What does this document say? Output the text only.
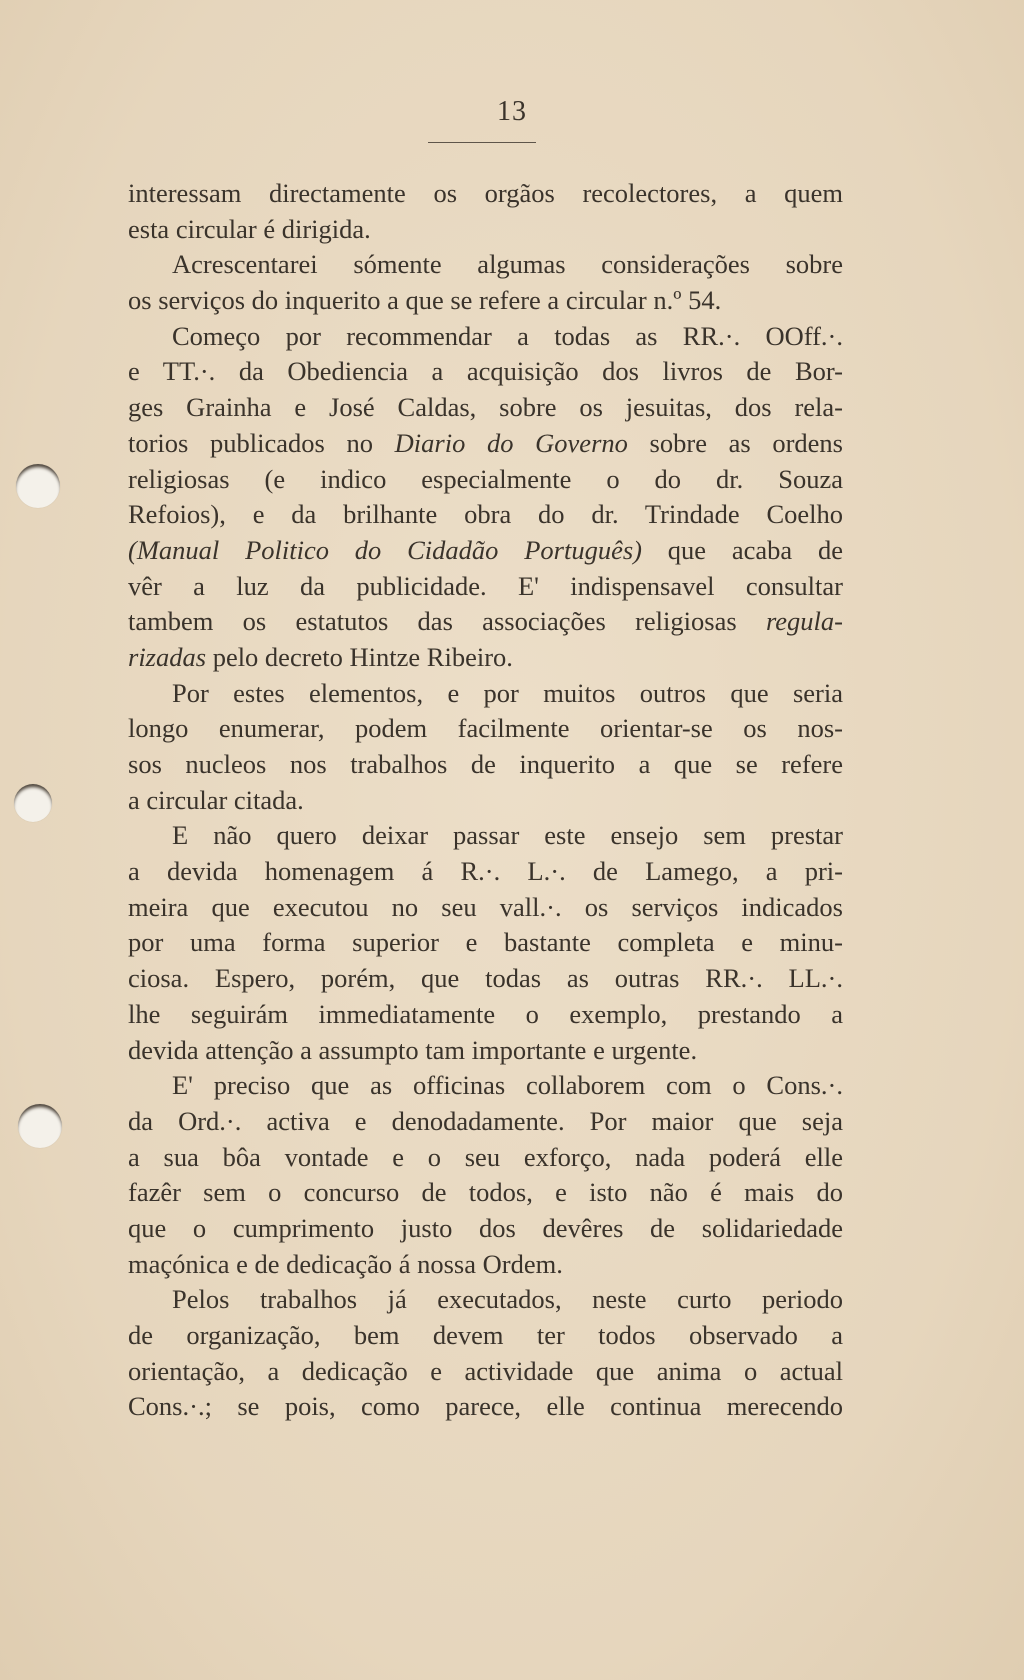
13
interessam directamente os orgãos recolectores, a quem
esta circular é dirigida.
Acrescentarei sómente algumas considerações sobre
os serviços do inquerito a que se refere a circular n.º 54.
Começo por recommendar a todas as RR.·. OOff.·.
e TT.·. da Obediencia a acquisição dos livros de Bor-
ges Grainha e José Caldas, sobre os jesuitas, dos rela-
torios publicados no Diario do Governo sobre as ordens
religiosas (e indico especialmente o do dr. Souza
Refoios), e da brilhante obra do dr. Trindade Coelho
(Manual Politico do Cidadão Português) que acaba de
vêr a luz da publicidade. E' indispensavel consultar
tambem os estatutos das associações religiosas regula-
rizadas pelo decreto Hintze Ribeiro.
Por estes elementos, e por muitos outros que seria
longo enumerar, podem facilmente orientar-se os nos-
sos nucleos nos trabalhos de inquerito a que se refere
a circular citada.
E não quero deixar passar este ensejo sem prestar
a devida homenagem á R.·. L.·. de Lamego, a pri-
meira que executou no seu vall.·. os serviços indicados
por uma forma superior e bastante completa e minu-
ciosa. Espero, porém, que todas as outras RR.·. LL.·.
lhe seguirám immediatamente o exemplo, prestando a
devida attenção a assumpto tam importante e urgente.
E' preciso que as officinas collaborem com o Cons.·.
da Ord.·. activa e denodadamente. Por maior que seja
a sua bôa vontade e o seu exforço, nada poderá elle
fazêr sem o concurso de todos, e isto não é mais do
que o cumprimento justo dos devêres de solidariedade
maçónica e de dedicação á nossa Ordem.
Pelos trabalhos já executados, neste curto periodo
de organização, bem devem ter todos observado a
orientação, a dedicação e actividade que anima o actual
Cons.·.; se pois, como parece, elle continua merecendo
